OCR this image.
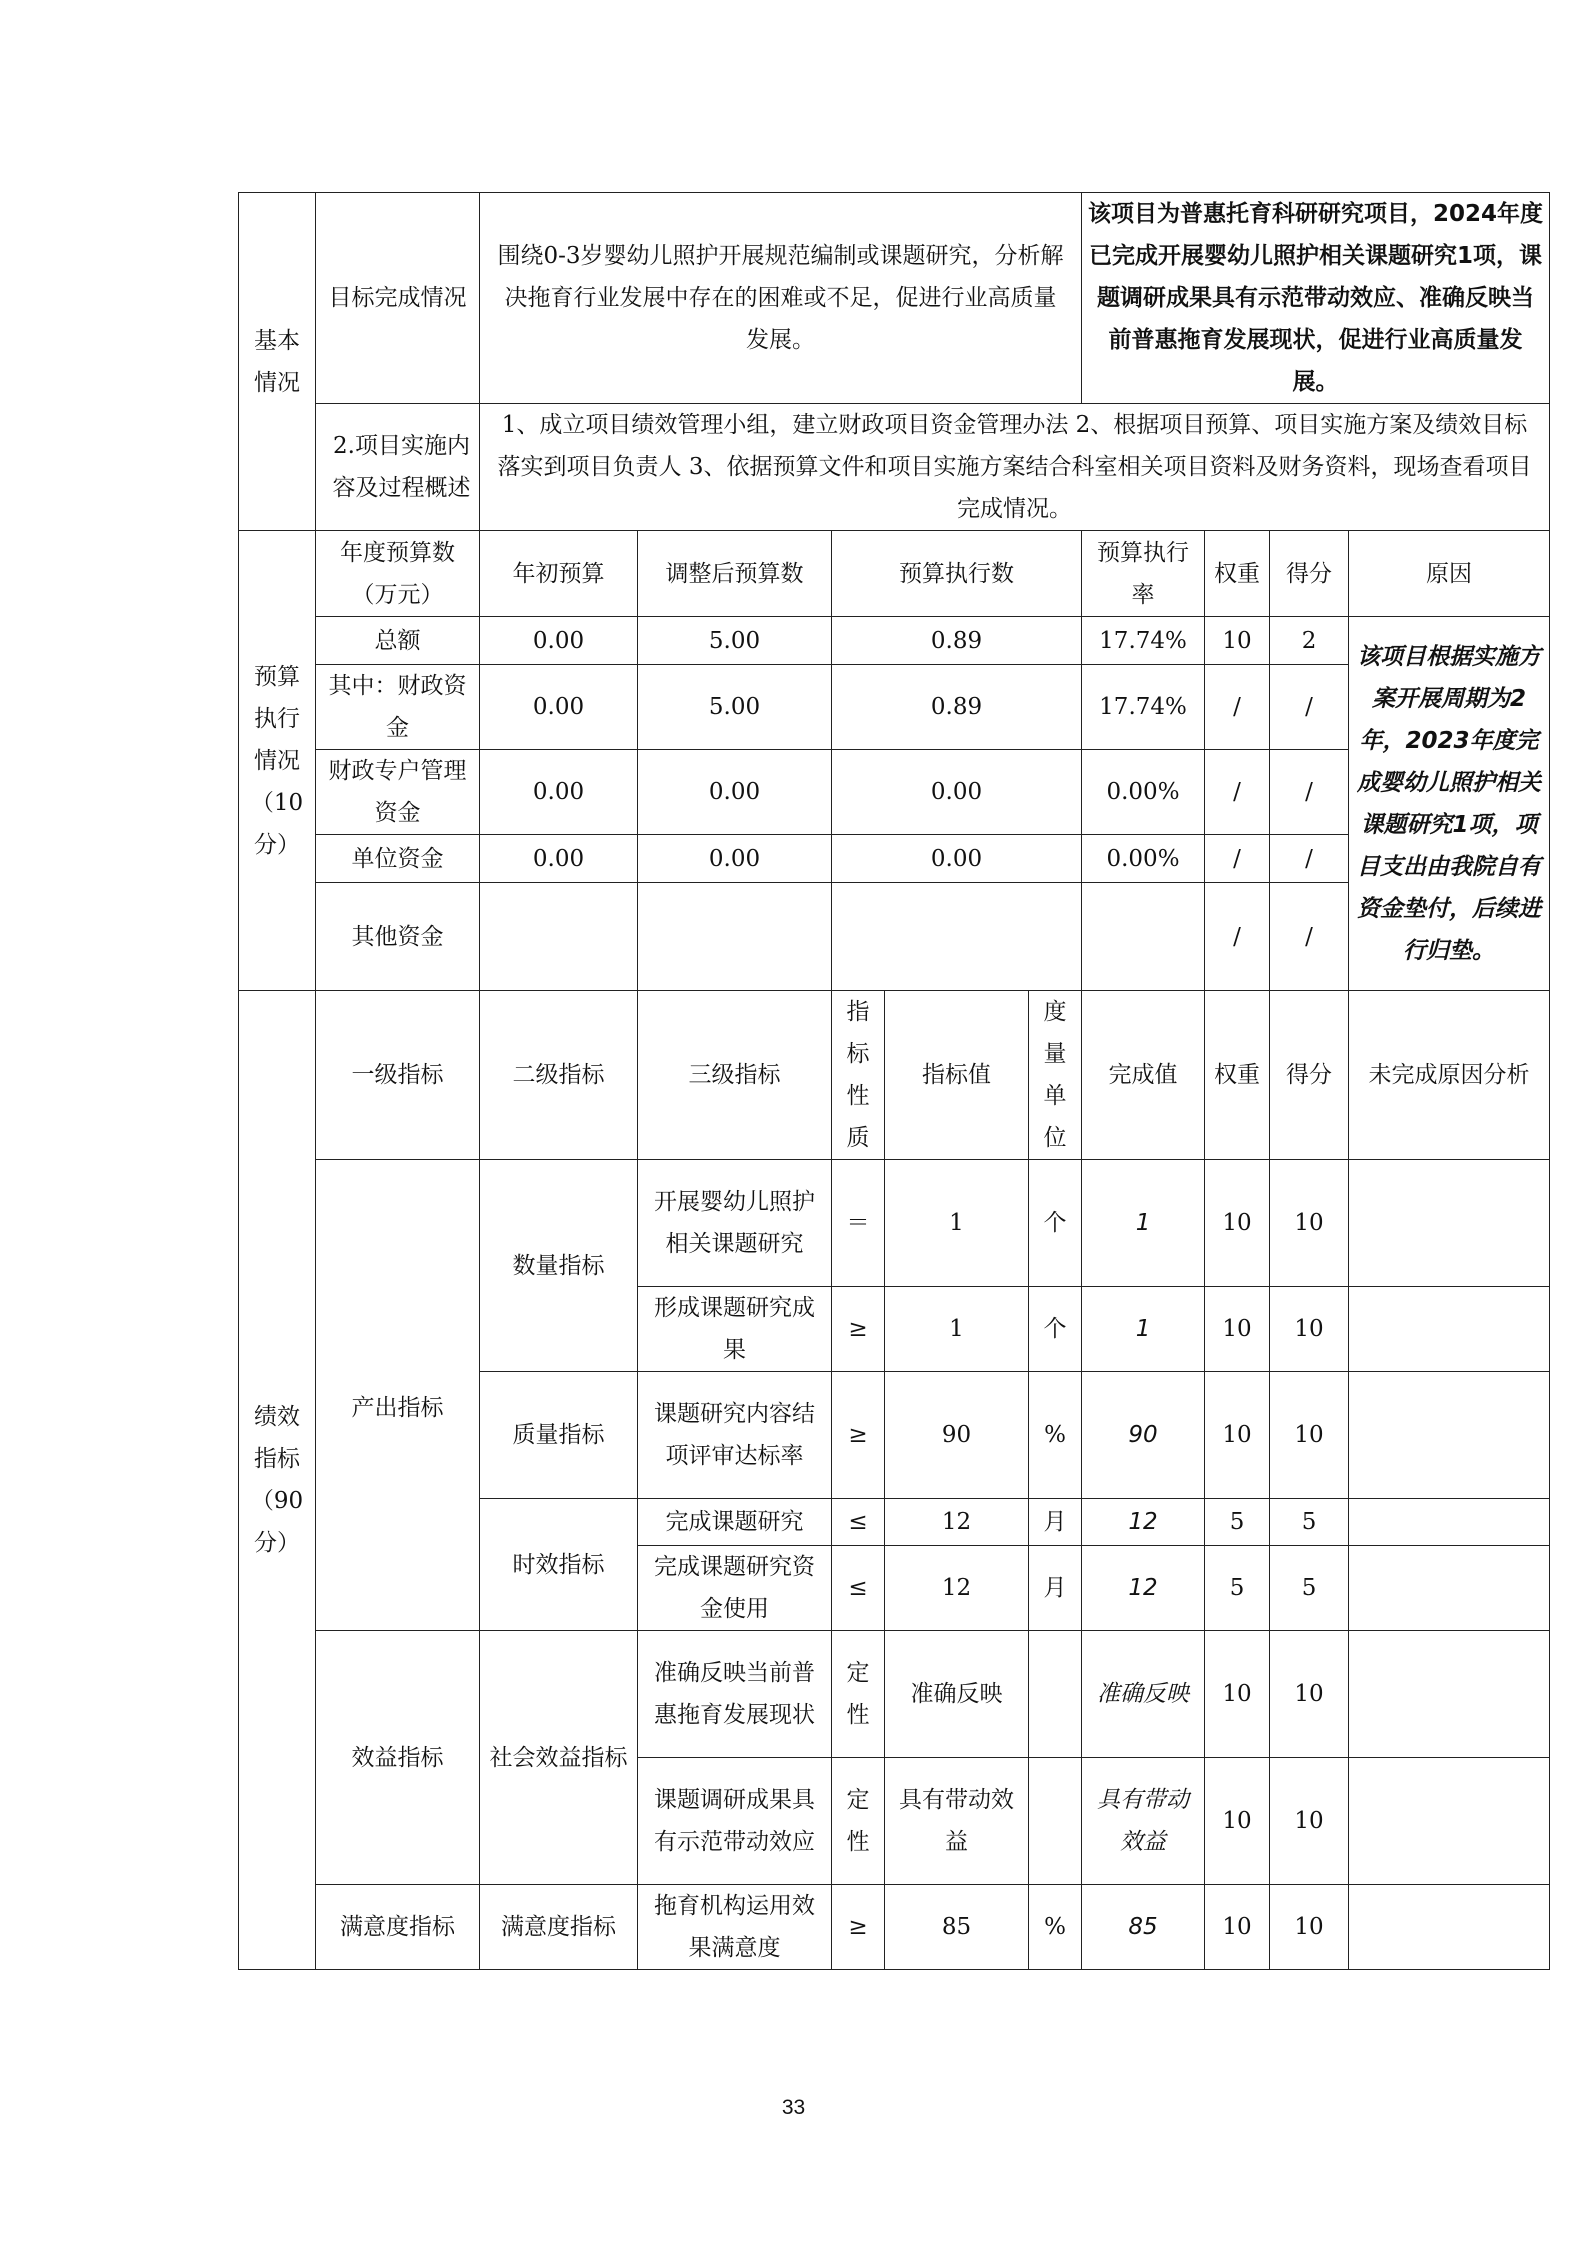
基本情况	目标完成情况	围绕0-3岁婴幼儿照护开展规范编制或课题研究，分析解决拖育行业发展中存在的困难或不足，促进行业高质量发展。					该项目为普惠托育科研研究项目，2024年度已完成开展婴幼儿照护相关课题研究1项，课题调研成果具有示范带动效应、准确反映当前普惠拖育发展现状，促进行业高质量发展。			
	2.项目实施内容及过程概述	1、成立项目绩效管理小组，建立财政项目资金管理办法 2、根据项目预算、项目实施方案及绩效目标落实到项目负责人 3、依据预算文件和项目实施方案结合科室相关项目资料及财务资料，现场查看项目完成情况。								
预算执行情况（10分）	年度预算数（万元）	年初预算	调整后预算数	预算执行数			预算执行率	权重	得分	原因
	总额	0.00	5.00	0.89			17.74%	10	2	该项目根据实施方案开展周期为2年，2023年度完成婴幼儿照护相关课题研究1项，项目支出由我院自有资金垫付，后续进行归垫。
	其中：财政资金	0.00	5.00	0.89			17.74%	/	/	
	财政专户管理资金	0.00	0.00	0.00			0.00%	/	/	
	单位资金	0.00	0.00	0.00			0.00%	/	/	
	其他资金							/	/	
绩效指标（90分）	一级指标	二级指标	三级指标	指标性质	指标值	度量单位	完成值	权重	得分	未完成原因分析
	产出指标	数量指标	开展婴幼儿照护相关课题研究	＝	1	个	1	10	10	
			形成课题研究成果	≥	1	个	1	10	10	
		质量指标	课题研究内容结项评审达标率	≥	90	%	90	10	10	
		时效指标	完成课题研究	≤	12	月	12	5	5	
			完成课题研究资金使用	≤	12	月	12	5	5	
	效益指标	社会效益指标	准确反映当前普惠拖育发展现状	定性	准确反映		准确反映	10	10	
			课题调研成果具有示范带动效应	定性	具有带动效益		具有带动效益	10	10	
	满意度指标	满意度指标	拖育机构运用效果满意度	≥	85	%	85	10	10	
33
